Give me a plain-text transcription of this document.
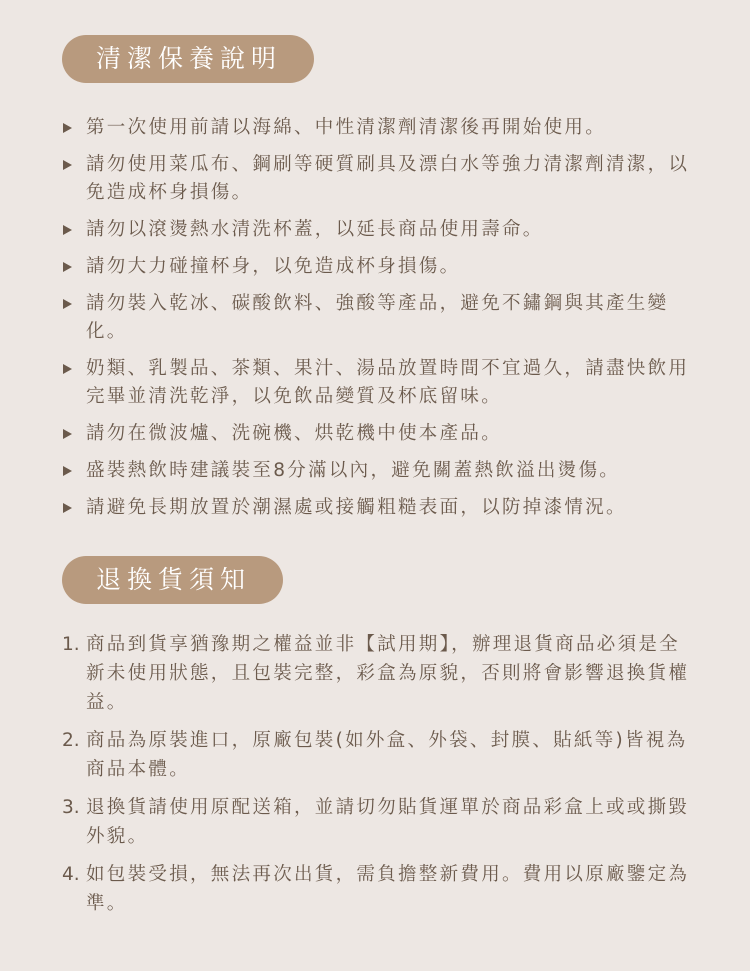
清潔保養說明
第一次使用前請以海綿、中性清潔劑清潔後再開始使用。
請勿使用菜瓜布、鋼刷等硬質刷具及漂白水等強力清潔劑清潔，以免造成杯身損傷。
請勿以滾燙熱水清洗杯蓋，以延長商品使用壽命。
請勿大力碰撞杯身，以免造成杯身損傷。
請勿裝入乾冰、碳酸飲料、強酸等產品，避免不鏽鋼與其產生變化。
奶類、乳製品、茶類、果汁、湯品放置時間不宜過久，請盡快飲用完畢並清洗乾淨，以免飲品變質及杯底留味。
請勿在微波爐、洗碗機、烘乾機中使本產品。
盛裝熱飲時建議裝至8分滿以內，避免關蓋熱飲溢出燙傷。
請避免長期放置於潮濕處或接觸粗糙表面，以防掉漆情況。
退換貨須知
1. 商品到貨享猶豫期之權益並非【試用期】，辦理退貨商品必須是全新未使用狀態，且包裝完整，彩盒為原貌，否則將會影響退換貨權益。
2. 商品為原裝進口，原廠包裝(如外盒、外袋、封膜、貼紙等)皆視為商品本體。
3. 退換貨請使用原配送箱，並請切勿貼貨運單於商品彩盒上或或撕毀外貌。
4. 如包裝受損，無法再次出貨，需負擔整新費用。費用以原廠鑒定為準。
